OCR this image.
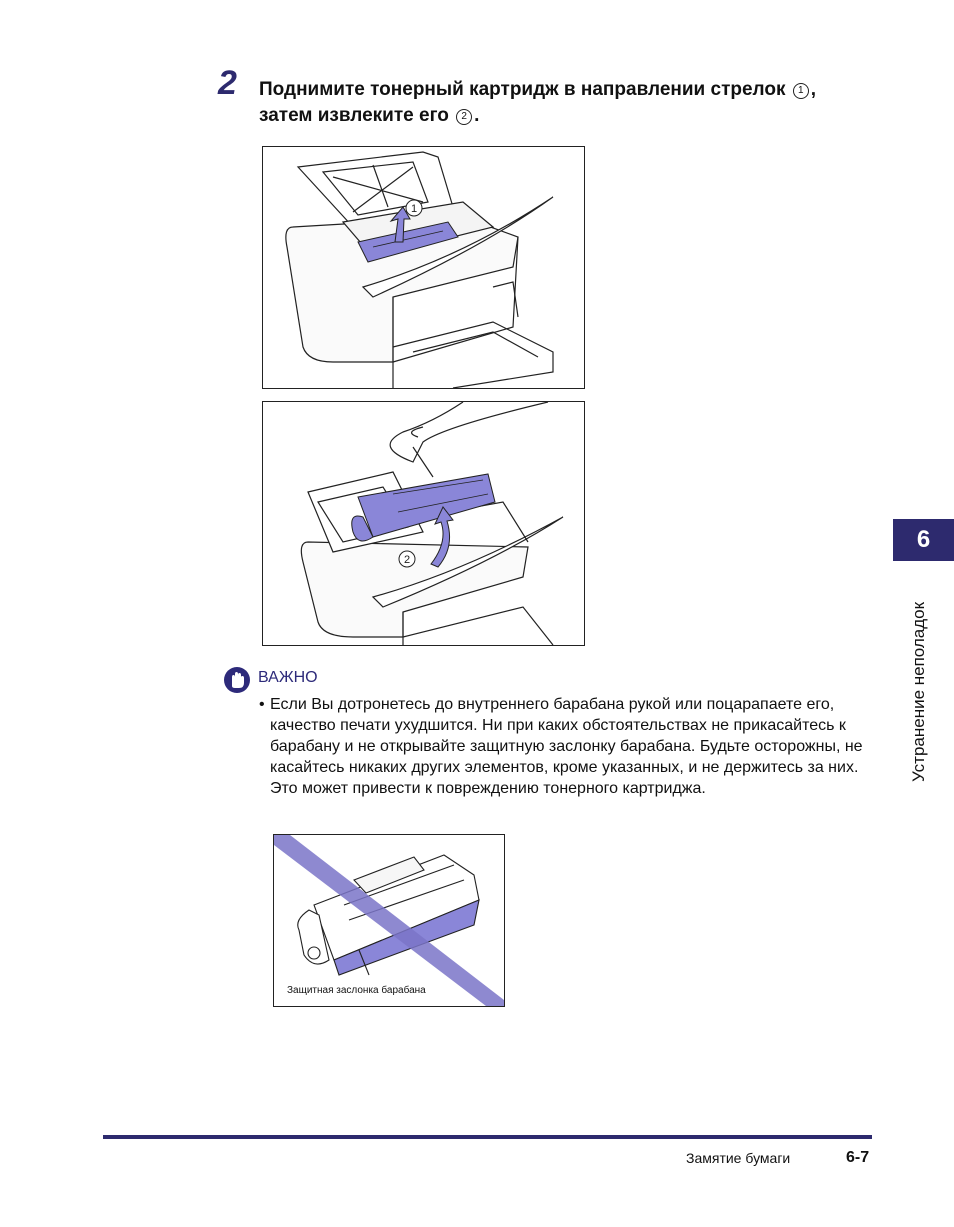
2 Поднимите тонерный картридж в направлении стрелок 1 ,
затем извлеките его 2 .
1
2
ВАЖНО
• Если Вы дотронетесь до внутреннего барабана рукой или поцарапаете его, качество печати ухудшится. Ни при каких обстоятельствах не прикасайтесь к барабану и не открывайте защитную заслонку барабана. Будьте осторожны, не касайтесь никаких других элементов, кроме указанных, и не держитесь за них. Это может привести к повреждению тонерного картриджа.
Защитная заслонка барабана
6
Устранение неполадок
Замятие бумаги	6-7
